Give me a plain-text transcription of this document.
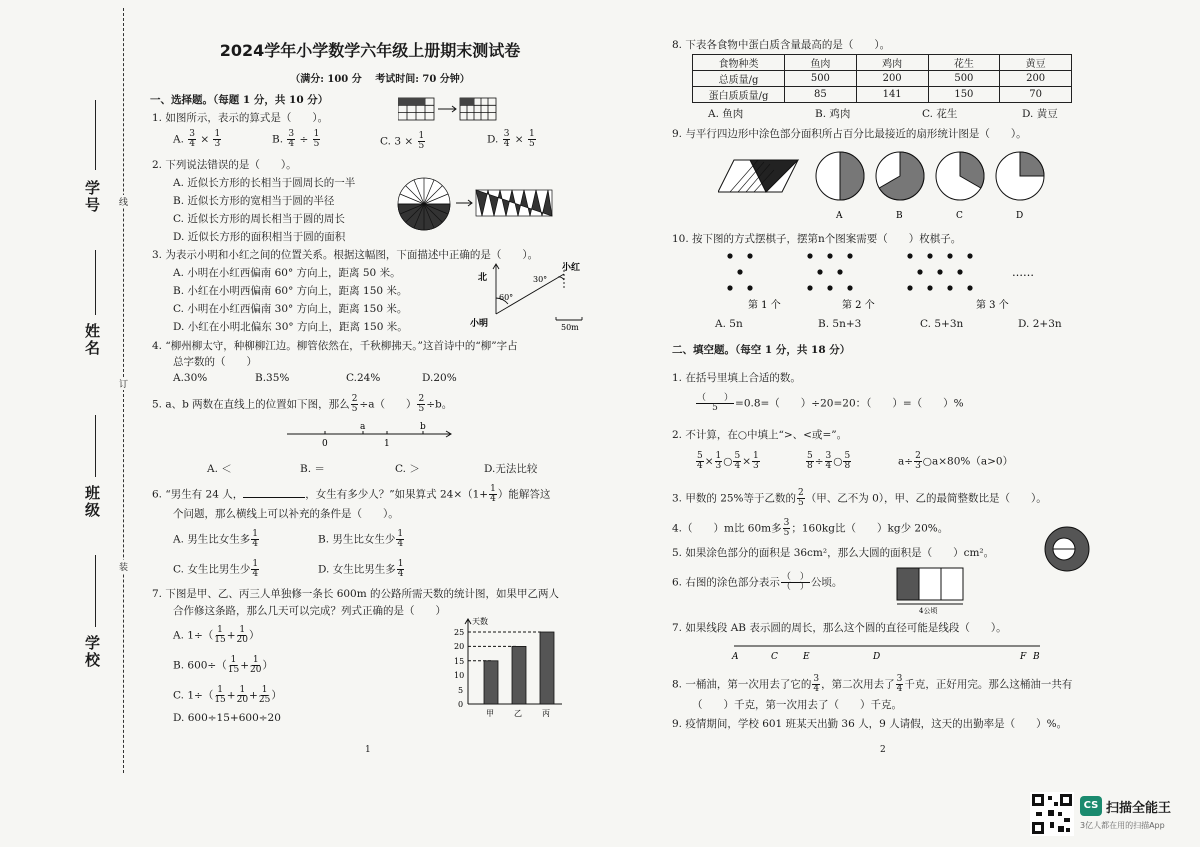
学号
姓名
班级
学校
线
订
装
2024学年小学数学六年级上册期末测试卷
（满分: 100 分　 考试时间: 70 分钟）
一、选择题。（每题 1 分，共 10 分）
1. 如图所示，表示的算式是（　　）。
A. $\frac{3}{4} \times \frac{1}{3}$	B. $\frac{3}{4} \div \frac{1}{5}$	C. $3 \times \frac{1}{5}$	D. $\frac{3}{4} \times \frac{1}{5}$
2. 下列说法错误的是（　　）。
A. 近似长方形的长相当于圆周长的一半
B. 近似长方形的宽相当于圆的半径
C. 近似长方形的周长相当于圆的周长
D. 近似长方形的面积相当于圆的面积
3. 为表示小明和小红之间的位置关系。根据这幅图，下面描述中正确的是（　　）。
A. 小明在小红西偏南 60° 方向上，距离 50 米。
B. 小红在小明西偏南 60° 方向上，距离 150 米。
C. 小明在小红西偏南 30° 方向上，距离 150 米。
D. 小红在小明北偏东 30° 方向上，距离 150 米。
北
60°
30°
小红
小明	50m
4. “柳州柳太守，种柳柳江边。柳管依然在，千秋柳拂天。”这首诗中的“柳”字占
总字数的（　　）
A.30%	B.35%	C.24%	D.20%
5. a、b 两数在直线上的位置如下图，那么 $\frac{2}{5} \div a$（　　） $\frac{2}{5} \div b$。
0
a
1
b
A. ＜	B. ＝	C. ＞	D.无法比较
6. “男生有 24 人，	，女生有多少人？”如果算式 $24\times(1+ \frac{1}{4}$ ）能解答这
个问题，那么横线上可以补充的条件是（　　）。
A. 男生比女生多 $\frac{1}{4}$	B. 男生比女生少 $\frac{1}{4}$
C. 女生比男生少 $\frac{1}{4}$	D. 女生比男生多 $\frac{1}{4}$
7. 下图是甲、乙、丙三人单独修一条长 600m 的公路所需天数的统计图，如果甲乙两人
合作修这条路，那么几天可以完成？列式正确的是（　　）
A. $1\div( \frac{1}{15} + \frac{1}{20}$ ）
B. $600\div( \frac{1}{15} + \frac{1}{20}$ ）
C. $1\div( \frac{1}{15} + \frac{1}{20} + \frac{1}{25}$ ）
D. 600÷15+600÷20
天数
25
20
15
10
5
0
甲	乙	丙
1
8. 下表各食物中蛋白质含量最高的是（　　）。
食物种类	鱼肉	鸡肉	花生	黄豆
总质量/g	500	200	500	200
蛋白质质量/g	85	141	150	70
A. 鱼肉	B. 鸡肉	C. 花生	D. 黄豆
9. 与平行四边形中涂色部分面积所占百分比最接近的扇形统计图是（　　）。
A	B	C	D
10. 按下图的方式摆棋子，摆第n个图案需要（　　）枚棋子。
……
第 1 个	第 2 个	第 3 个
A. 5n	B. 5n+3	C. 5+3n	D. 2+3n
二、填空题。（每空 1 分，共 18 分）
1. 在括号里填上合适的数。
$\frac{( )}{5} =0.8=$（　　）÷20=20：（　　）=（　　）%
2. 不计算，在○中填上“>、<或=”。
$\frac{5}{4} \times \frac{1}{3}$ ○ $\frac{5}{4} \times \frac{1}{3}$	$\frac{5}{8} \div \frac{3}{4}$ ○ $\frac{5}{8}$	$a\div \frac{2}{3}$ ○a×80%（a>0）
3. 甲数的 25%等于乙数的 $\frac{2}{5}$ （甲、乙不为 0），甲、乙的最简整数比是（　　）。
4.（　　）m比 60m多 $\frac{3}{5}$ ；160kg比（　　）kg少 20%。
5. 如果涂色部分的面积是 36cm²，那么大圆的面积是（　　）cm²。
6. 右图的涂色部分表示 $\frac{( )}{( )}$ 公顷。
4公顷
7. 如果线段 AB 表示圆的周长，那么这个圆的直径可能是线段（　　）。
A	C	E	D	F B
8. 一桶油，第一次用去了它的 $\frac{3}{4}$ ，第二次用去了 $\frac{3}{4}$ 千克，正好用完。那么这桶油一共有
（　　）千克，第一次用去了（　　）千克。
9. 疫情期间，学校 601 班某天出勤 36 人，9 人请假，这天的出勤率是（　　）%。
2
CS 扫描全能王
3亿人都在用的扫描App
